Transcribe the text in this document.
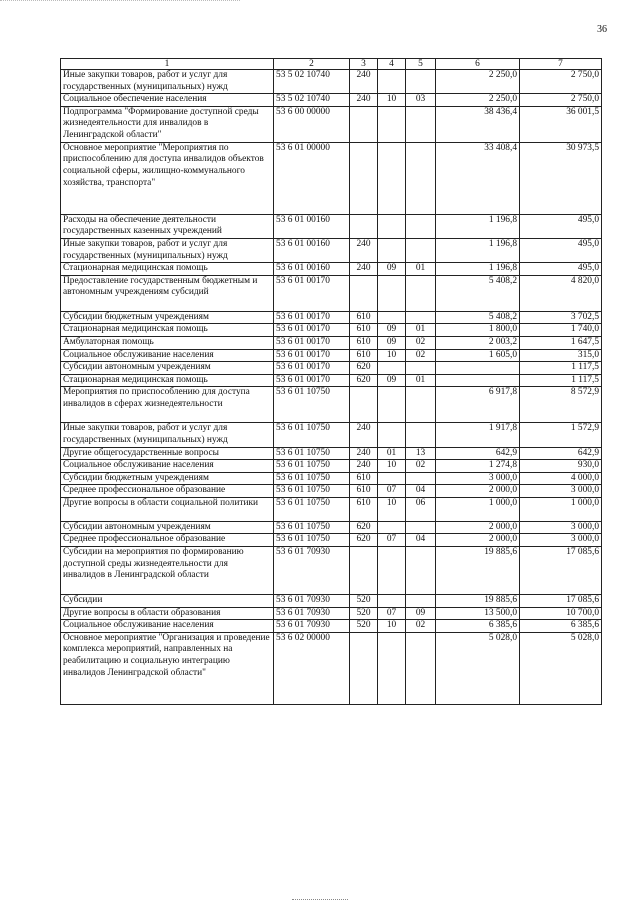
36
1	2	3	4	5	6	7
Иные закупки товаров, работ и услуг для государственных (муниципальных) нужд	53 5 02 10740	240			2 250,0	2 750,0
Социальное обеспечение населения	53 5 02 10740	240	10	03	2 250,0	2 750,0
Подпрограмма "Формирование доступной среды жизнедеятельности для инвалидов в Ленинградской области"	53 6 00 00000				38 436,4	36 001,5
Основное мероприятие "Мероприятия по приспособлению для доступа инвалидов объектов социальной сферы, жилищно-коммунального хозяйства, транспорта"	53 6 01 00000				33 408,4	30 973,5
Расходы на обеспечение деятельности государственных казенных учреждений	53 6 01 00160				1 196,8	495,0
Иные закупки товаров, работ и услуг для государственных (муниципальных) нужд	53 6 01 00160	240			1 196,8	495,0
Стационарная медицинская помощь	53 6 01 00160	240	09	01	1 196,8	495,0
Предоставление государственным бюджетным и автономным учреждениям субсидий	53 6 01 00170				5 408,2	4 820,0
Субсидии бюджетным учреждениям	53 6 01 00170	610			5 408,2	3 702,5
Стационарная медицинская помощь	53 6 01 00170	610	09	01	1 800,0	1 740,0
Амбулаторная помощь	53 6 01 00170	610	09	02	2 003,2	1 647,5
Социальное обслуживание населения	53 6 01 00170	610	10	02	1 605,0	315,0
Субсидии автономным учреждениям	53 6 01 00170	620				1 117,5
Стационарная медицинская помощь	53 6 01 00170	620	09	01		1 117,5
Мероприятия по приспособлению для доступа инвалидов в сферах жизнедеятельности	53 6 01 10750				6 917,8	8 572,9
Иные закупки товаров, работ и услуг для государственных (муниципальных) нужд	53 6 01 10750	240			1 917,8	1 572,9
Другие общегосударственные вопросы	53 6 01 10750	240	01	13	642,9	642,9
Социальное обслуживание населения	53 6 01 10750	240	10	02	1 274,8	930,0
Субсидии бюджетным учреждениям	53 6 01 10750	610			3 000,0	4 000,0
Среднее профессиональное образование	53 6 01 10750	610	07	04	2 000,0	3 000,0
Другие вопросы в области социальной политики	53 6 01 10750	610	10	06	1 000,0	1 000,0
Субсидии автономным учреждениям	53 6 01 10750	620			2 000,0	3 000,0
Среднее профессиональное образование	53 6 01 10750	620	07	04	2 000,0	3 000,0
Субсидии на мероприятия по формированию доступной среды жизнедеятельности для инвалидов в Ленинградской области	53 6 01 70930				19 885,6	17 085,6
Субсидии	53 6 01 70930	520			19 885,6	17 085,6
Другие вопросы в области образования	53 6 01 70930	520	07	09	13 500,0	10 700,0
Социальное обслуживание населения	53 6 01 70930	520	10	02	6 385,6	6 385,6
Основное мероприятие "Организация и проведение комплекса мероприятий, направленных на реабилитацию и социальную интеграцию инвалидов Ленинградской области"	53 6 02 00000				5 028,0	5 028,0
